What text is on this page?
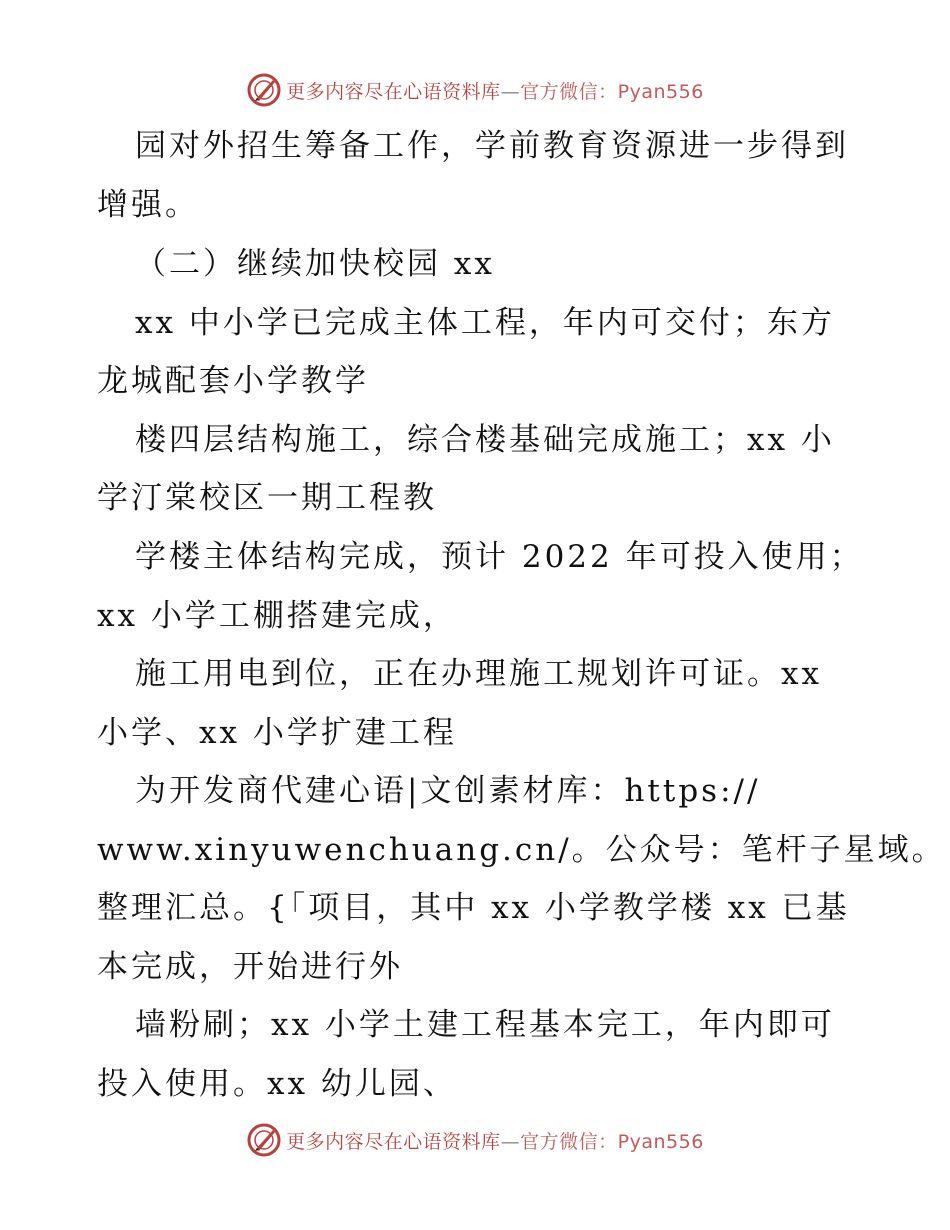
更多内容尽在心语资料库—官方微信：Pyan556
园对外招生筹备工作，学前教育资源进一步得到
增强。
（二）继续加快校园 xx
xx 中小学已完成主体工程，年内可交付；东方
龙城配套小学教学
楼四层结构施工，综合楼基础完成施工；xx 小
学汀棠校区一期工程教
学楼主体结构完成，预计 2022 年可投入使用；
xx 小学工棚搭建完成，
施工用电到位，正在办理施工规划许可证。xx
小学、xx 小学扩建工程
为开发商代建心语|文创素材库：https://
www.xinyuwenchuang.cn/。公众号：笔杆子星域。
整理汇总。{「项目，其中 xx 小学教学楼 xx 已基
本完成，开始进行外
墙粉刷；xx 小学土建工程基本完工，年内即可
投入使用。xx 幼儿园、
更多内容尽在心语资料库—官方微信：Pyan556
